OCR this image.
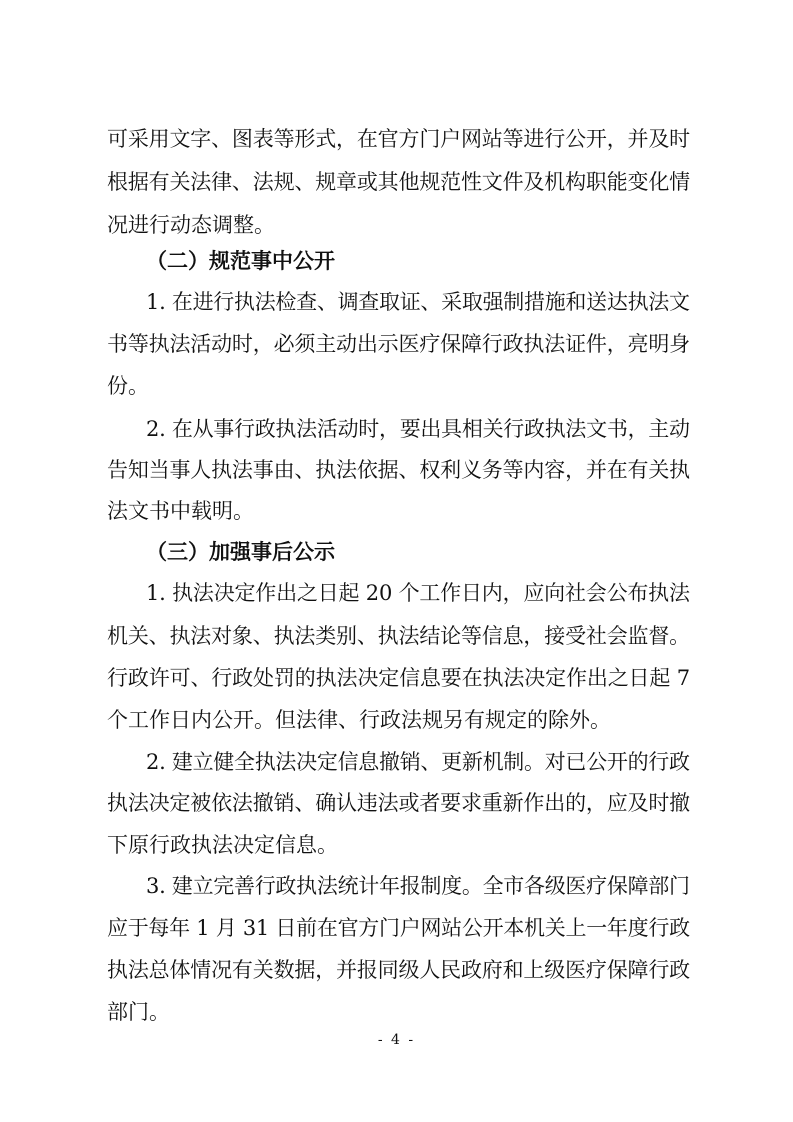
可采用文字、图表等形式，在官方门户网站等进行公开，并及时
根据有关法律、法规、规章或其他规范性文件及机构职能变化情
况进行动态调整。
（二）规范事中公开
1. 在进行执法检查、调查取证、采取强制措施和送达执法文
书等执法活动时，必须主动出示医疗保障行政执法证件，亮明身
份。
2. 在从事行政执法活动时，要出具相关行政执法文书，主动
告知当事人执法事由、执法依据、权利义务等内容，并在有关执
法文书中载明。
（三）加强事后公示
1. 执法决定作出之日起 20 个工作日内，应向社会公布执法
机关、执法对象、执法类别、执法结论等信息，接受社会监督。
行政许可、行政处罚的执法决定信息要在执法决定作出之日起 7
个工作日内公开。但法律、行政法规另有规定的除外。
2. 建立健全执法决定信息撤销、更新机制。对已公开的行政
执法决定被依法撤销、确认违法或者要求重新作出的，应及时撤
下原行政执法决定信息。
3. 建立完善行政执法统计年报制度。全市各级医疗保障部门
应于每年 1 月 31 日前在官方门户网站公开本机关上一年度行政
执法总体情况有关数据，并报同级人民政府和上级医疗保障行政
部门。
- 4 -
